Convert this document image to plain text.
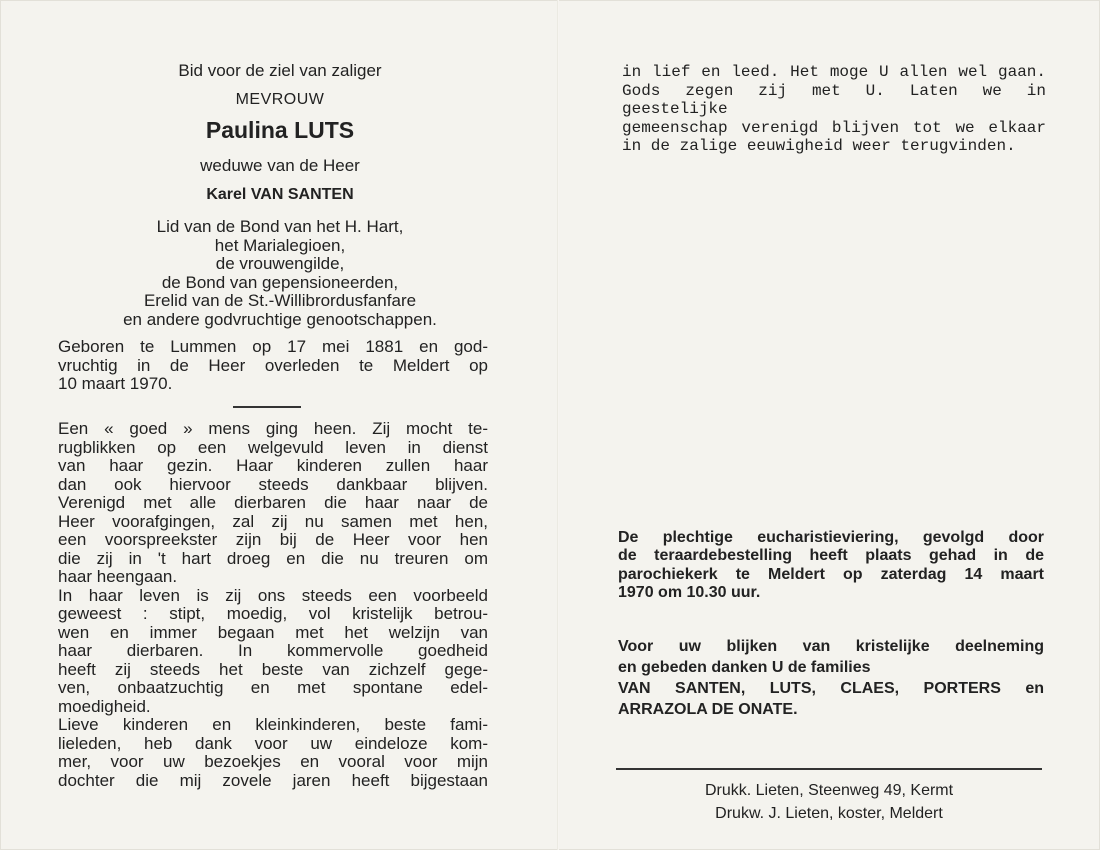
Bid voor de ziel van zaliger
MEVROUW
Paulina LUTS
weduwe van de Heer
Karel VAN SANTEN
Lid van de Bond van het H. Hart,
het Marialegioen,
de vrouwengilde,
de Bond van gepensioneerden,
Erelid van de St.-Willibrordusfanfare
en andere godvruchtige genootschappen.
Geboren te Lummen op 17 mei 1881 en god-
vruchtig in de Heer overleden te Meldert op
10 maart 1970.
Een « goed » mens ging heen. Zij mocht te-
rugblikken op een welgevuld leven in dienst
van haar gezin. Haar kinderen zullen haar
dan ook hiervoor steeds dankbaar blijven.
Verenigd met alle dierbaren die haar naar de
Heer voorafgingen, zal zij nu samen met hen,
een voorspreekster zijn bij de Heer voor hen
die zij in 't hart droeg en die nu treuren om
haar heengaan.
In haar leven is zij ons steeds een voorbeeld
geweest : stipt, moedig, vol kristelijk betrou-
wen en immer begaan met het welzijn van
haar dierbaren. In kommervolle goedheid
heeft zij steeds het beste van zichzelf gege-
ven, onbaatzuchtig en met spontane edel-
moedigheid.
Lieve kinderen en kleinkinderen, beste fami-
lieleden, heb dank voor uw eindeloze kom-
mer, voor uw bezoekjes en vooral voor mijn
dochter die mij zovele jaren heeft bijgestaan
in lief en leed. Het moge U allen wel gaan.
Gods zegen zij met U. Laten we in geestelijke
gemeenschap verenigd blijven tot we elkaar
in de zalige eeuwigheid weer terugvinden.
De plechtige eucharistieviering, gevolgd door
de teraardebestelling heeft plaats gehad in de
parochiekerk te Meldert op zaterdag 14 maart
1970 om 10.30 uur.
Voor uw blijken van kristelijke deelneming
en gebeden danken U de families
VAN SANTEN, LUTS, CLAES, PORTERS en
ARRAZOLA DE ONATE.
Drukk. Lieten, Steenweg 49, Kermt
Drukw. J. Lieten, koster, Meldert
